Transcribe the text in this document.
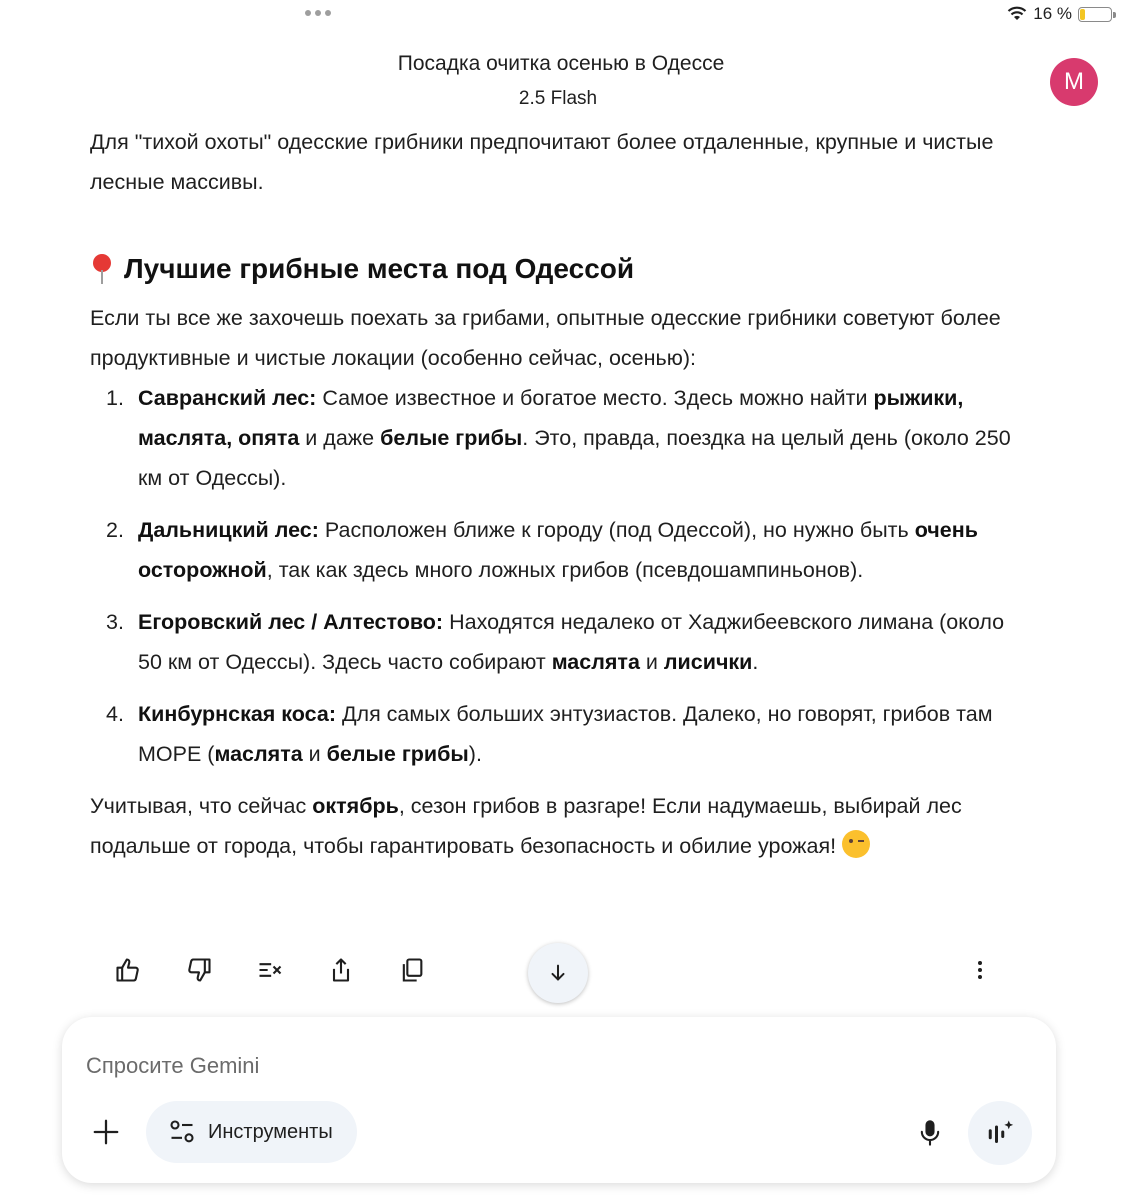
16 %
Посадка очитка осенью в Одессе
2.5 Flash
M

Для "тихой охоты" одесские грибники предпочитают более отдаленные, крупные и чистые лесные массивы.

Лучшие грибные места под Одессой

Если ты все же захочешь поехать за грибами, опытные одесские грибники советуют более продуктивные и чистые локации (особенно сейчас, осенью):

1. Савранский лес: Самое известное и богатое место. Здесь можно найти рыжики, маслята, опята и даже белые грибы. Это, правда, поездка на целый день (около 250 км от Одессы).
2. Дальницкий лес: Расположен ближе к городу (под Одессой), но нужно быть очень осторожной, так как здесь много ложных грибов (псевдошампиньонов).
3. Егоровский лес / Алтестово: Находятся недалеко от Хаджибеевского лимана (около 50 км от Одессы). Здесь часто собирают маслята и лисички.
4. Кинбурнская коса: Для самых больших энтузиастов. Далеко, но говорят, грибов там МОРЕ (маслята и белые грибы).

Учитывая, что сейчас октябрь, сезон грибов в разгаре! Если надумаешь, выбирай лес подальше от города, чтобы гарантировать безопасность и обилие урожая!

Спросите Gemini
Инструменты
